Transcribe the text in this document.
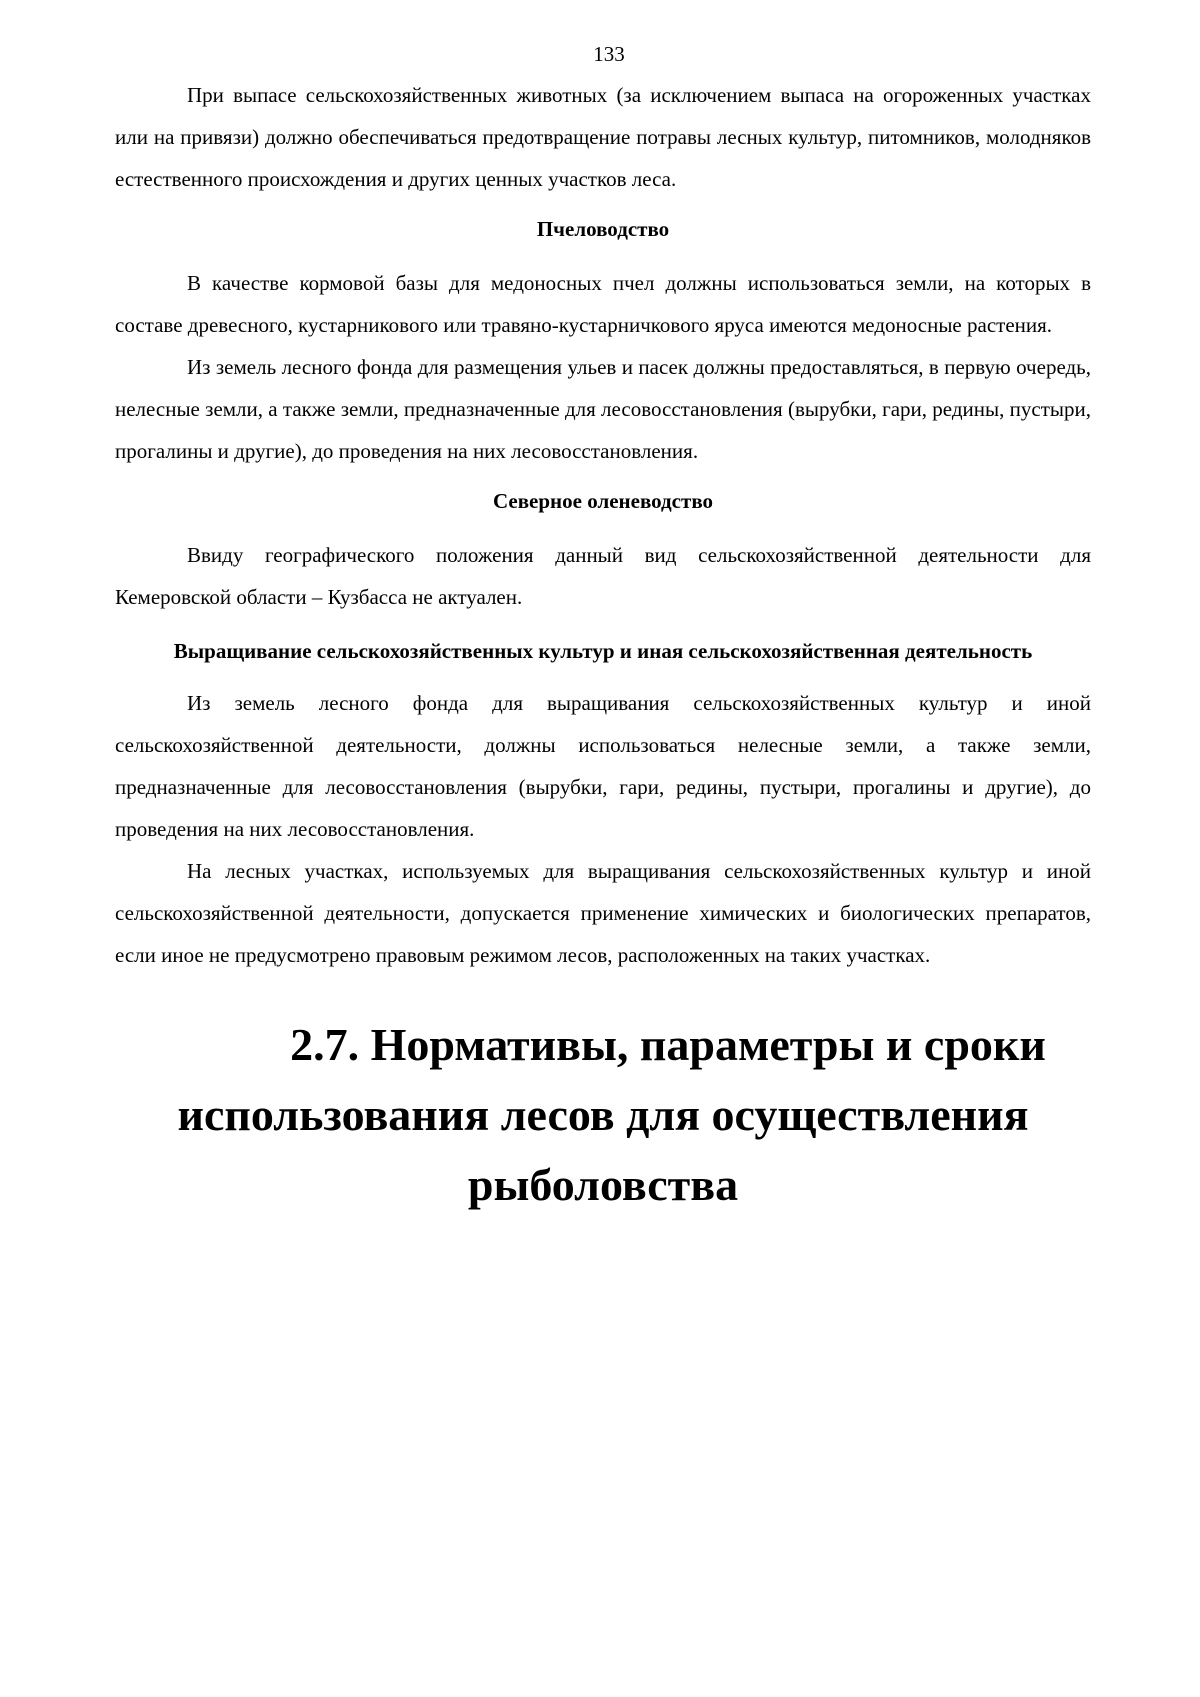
133

При выпасе сельскохозяйственных животных (за исключением выпаса на огороженных участках или на привязи) должно обеспечиваться предотвращение потравы лесных культур, питомников, молодняков естественного происхождения и других ценных участков леса.

Пчеловодство

В качестве кормовой базы для медоносных пчел должны использоваться земли, на которых в составе древесного, кустарникового или травяно-кустарничкового яруса имеются медоносные растения.

Из земель лесного фонда для размещения ульев и пасек должны предоставляться, в первую очередь, нелесные земли, а также земли, предназначенные для лесовосстановления (вырубки, гари, редины, пустыри, прогалины и другие), до проведения на них лесовосстановления.

Северное оленеводство

Ввиду географического положения данный вид сельскохозяйственной деятельности для Кемеровской области – Кузбасса не актуален.

Выращивание сельскохозяйственных культур и иная сельскохозяйственная деятельность

Из земель лесного фонда для выращивания сельскохозяйственных культур и иной сельскохозяйственной деятельности, должны использоваться нелесные земли, а также земли, предназначенные для лесовосстановления (вырубки, гари, редины, пустыри, прогалины и другие), до проведения на них лесовосстановления.

На лесных участках, используемых для выращивания сельскохозяйственных культур и иной сельскохозяйственной деятельности, допускается применение химических и биологических препаратов, если иное не предусмотрено правовым режимом лесов, расположенных на таких участках.

2.7. Нормативы, параметры и сроки
использования лесов для осуществления
рыболовства
